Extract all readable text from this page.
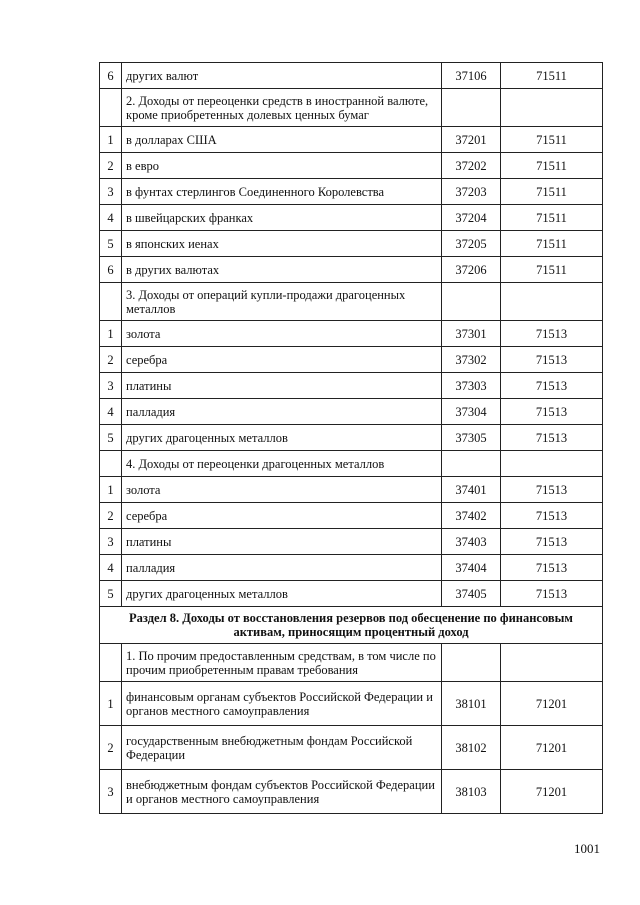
6	других валют	37106	71511
	2. Доходы от переоценки средств в иностранной валюте, кроме приобретенных долевых ценных бумаг		
1	в долларах США	37201	71511
2	в евро	37202	71511
3	в фунтах стерлингов Соединенного Королевства	37203	71511
4	в швейцарских франках	37204	71511
5	в японских иенах	37205	71511
6	в других валютах	37206	71511
	3. Доходы от операций купли-продажи драгоценных металлов		
1	золота	37301	71513
2	серебра	37302	71513
3	платины	37303	71513
4	палладия	37304	71513
5	других драгоценных металлов	37305	71513
	4. Доходы от переоценки драгоценных металлов		
1	золота	37401	71513
2	серебра	37402	71513
3	платины	37403	71513
4	палладия	37404	71513
5	других драгоценных металлов	37405	71513
Раздел 8. Доходы от восстановления резервов под обесценение по финансовым активам, приносящим процентный доход			
	1. По прочим предоставленным средствам, в том числе по прочим приобретенным правам требования		
1	финансовым органам субъектов Российской Федерации и органов местного самоуправления	38101	71201
2	государственным внебюджетным фондам Российской Федерации	38102	71201
3	внебюджетным фондам субъектов Российской Федерации и органов местного самоуправления	38103	71201
1001
